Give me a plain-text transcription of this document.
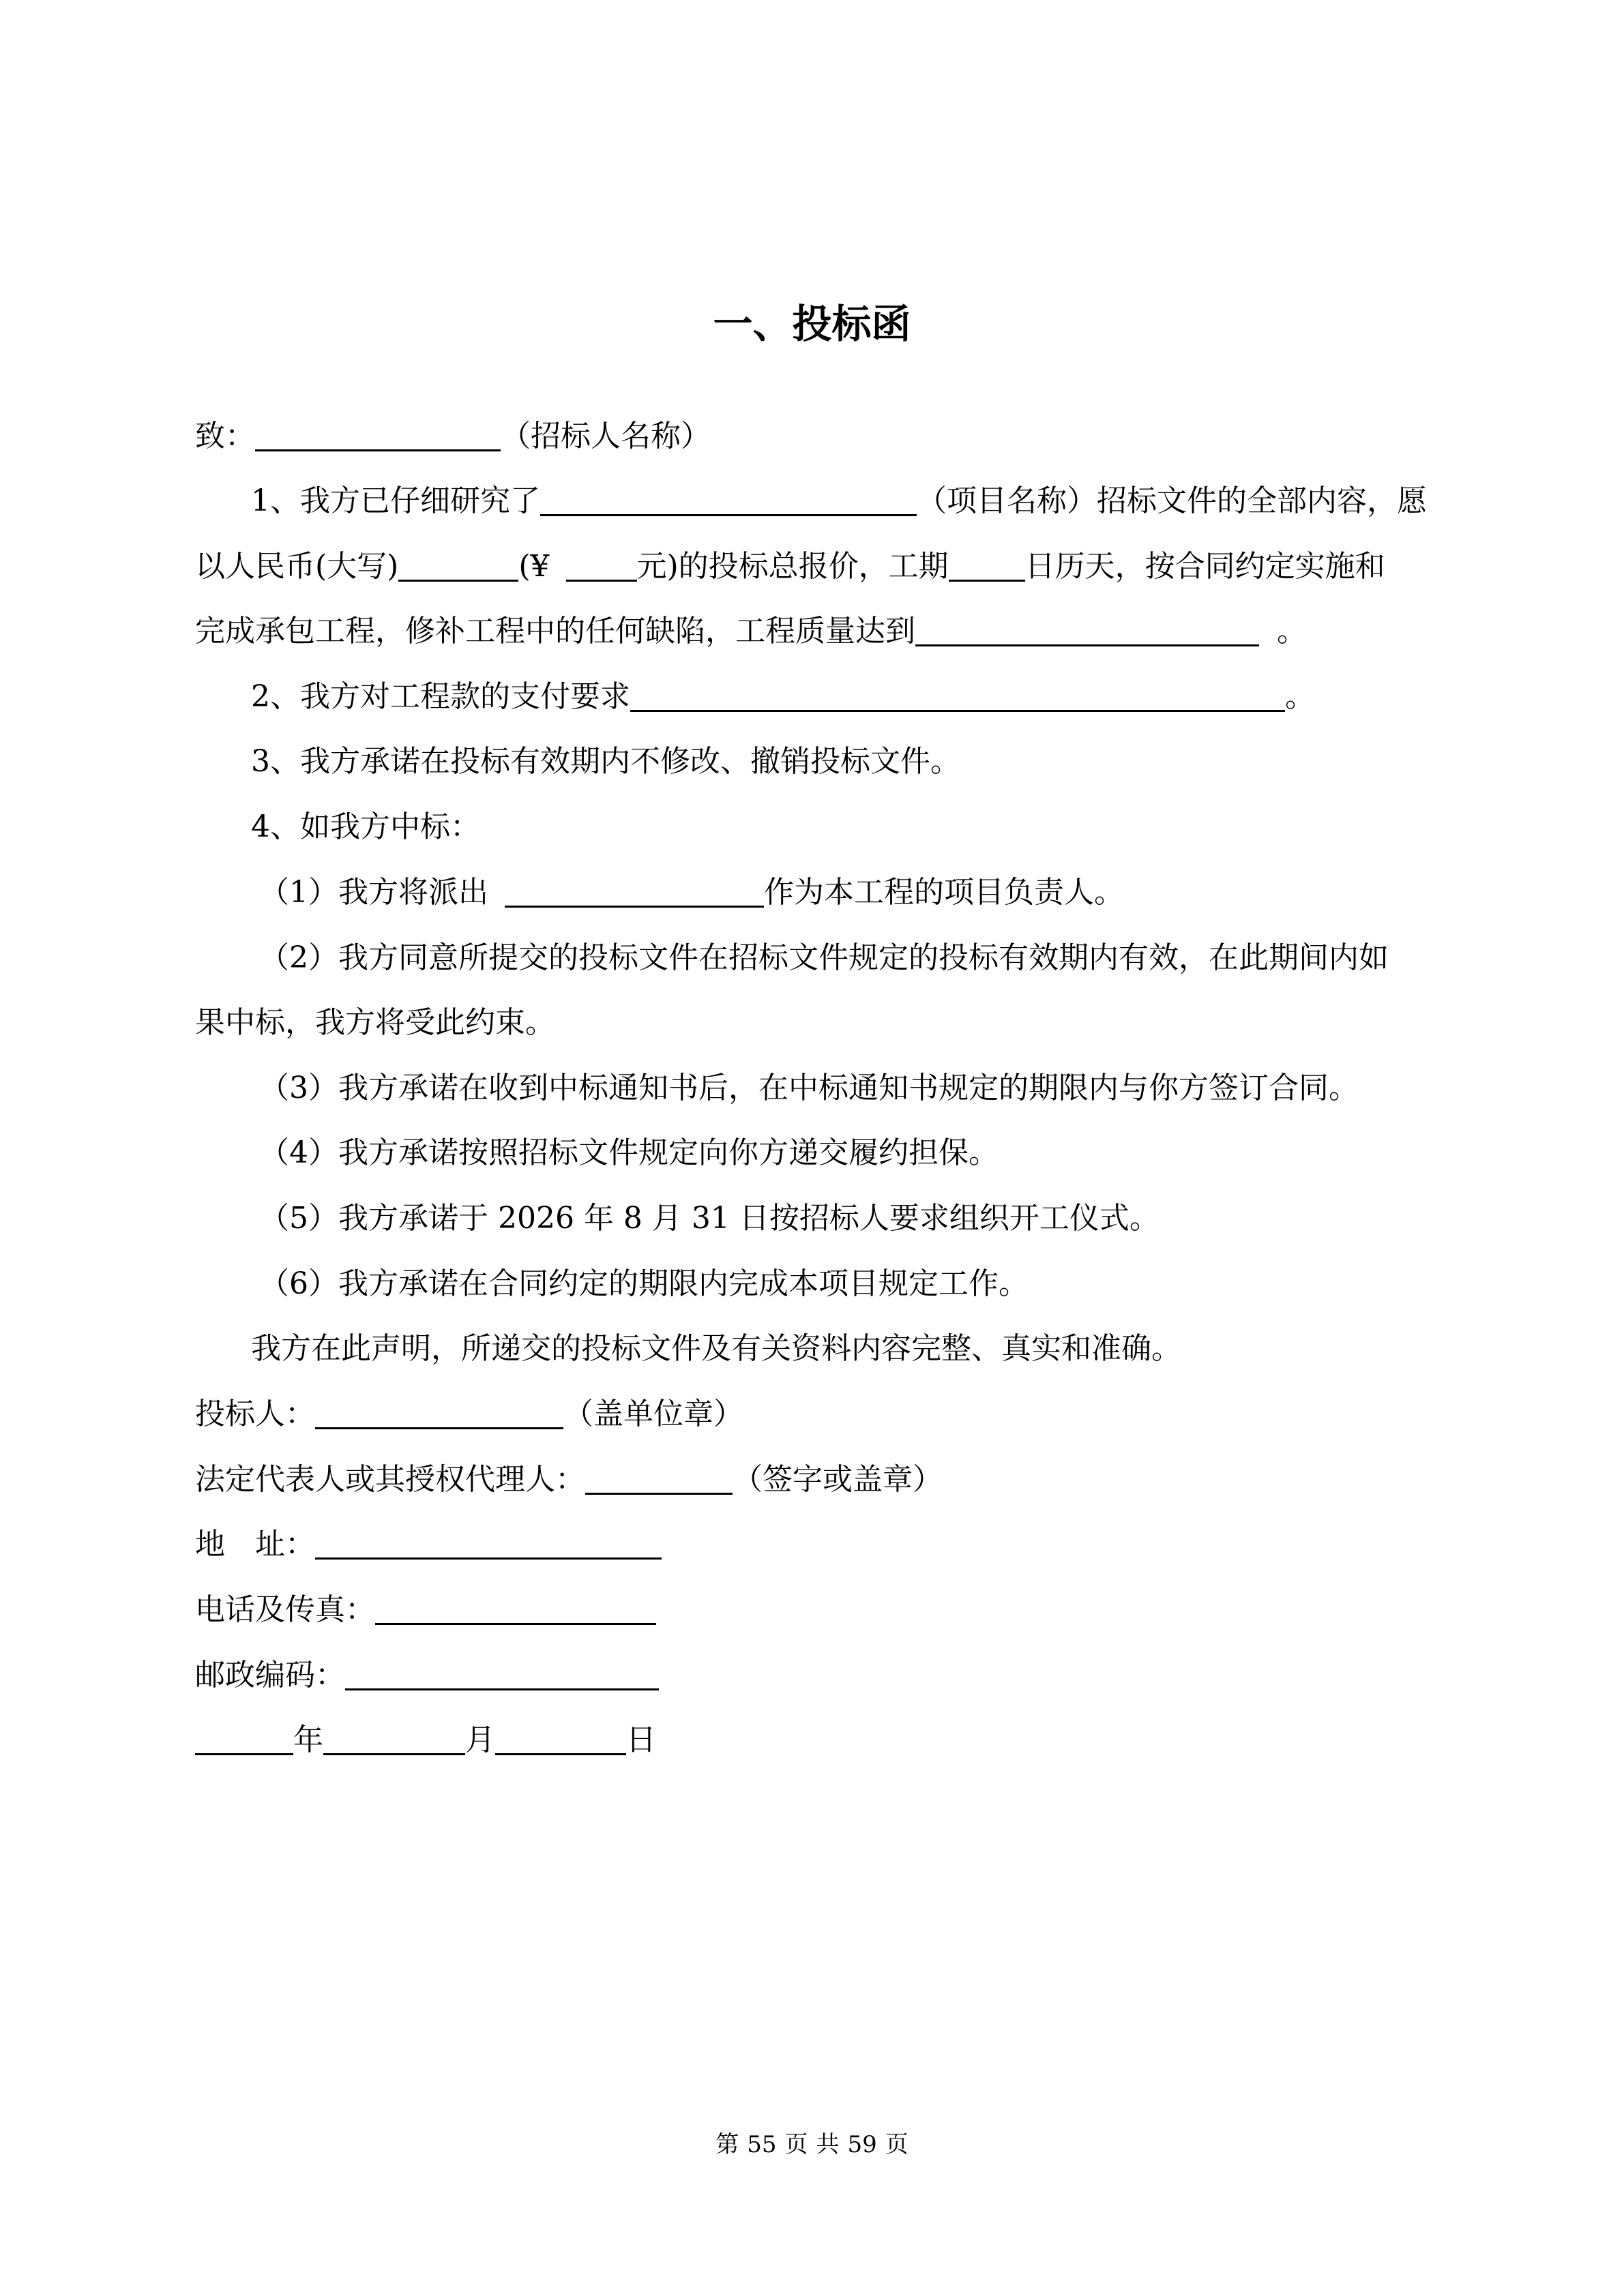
一、投标函
致：	（招标人名称）
1、我方已仔细研究了	（项目名称）招标文件的全部内容，愿
以人民币(大写)	(¥	元)的投标总报价，工期	日历天，按合同约定实施和
完成承包工程，修补工程中的任何缺陷，工程质量达到	。
2、我方对工程款的支付要求	。
3、我方承诺在投标有效期内不修改、撤销投标文件。
4、如我方中标：
（1）我方将派出	作为本工程的项目负责人。
（2）我方同意所提交的投标文件在招标文件规定的投标有效期内有效，在此期间内如
果中标，我方将受此约束。
（3）我方承诺在收到中标通知书后，在中标通知书规定的期限内与你方签订合同。
（4）我方承诺按照招标文件规定向你方递交履约担保。
（5）我方承诺于 2026 年 8 月 31 日按招标人要求组织开工仪式。
（6）我方承诺在合同约定的期限内完成本项目规定工作。
我方在此声明，所递交的投标文件及有关资料内容完整、真实和准确。
投标人：	（盖单位章）
法定代表人或其授权代理人：	（签字或盖章）
地　址：
电话及传真：
邮政编码：
年	月	日
第 55 页 共 59 页
